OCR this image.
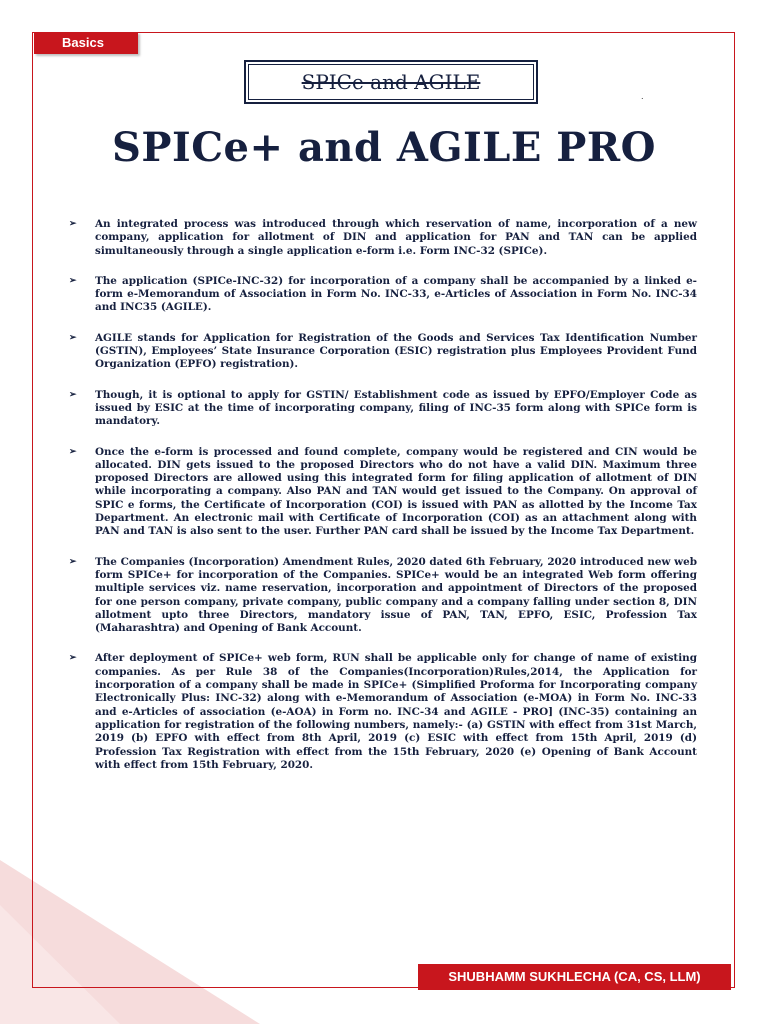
Basics
SPICe and AGILE
.
SPICe+ and AGILE PRO
➢ An integrated process was introduced through which reservation of name, incorporation of a new company, application for allotment of DIN and application for PAN and TAN can be applied simultaneously through a single application e-form i.e. Form INC-32 (SPICe).
➢ The application (SPICe-INC-32) for incorporation of a company shall be accompanied by a linked e-form e-Memorandum of Association in Form No. INC-33, e-Articles of Association in Form No. INC-34 and INC35 (AGILE).
➢ AGILE stands for Application for Registration of the Goods and Services Tax Identification Number (GSTIN), Employees’ State Insurance Corporation (ESIC) registration plus Employees Provident Fund Organization (EPFO) registration).
➢ Though, it is optional to apply for GSTIN/ Establishment code as issued by EPFO/Employer Code as issued by ESIC at the time of incorporating company, filing of INC-35 form along with SPICe form is mandatory.
➢ Once the e-form is processed and found complete, company would be registered and CIN would be allocated. DIN gets issued to the proposed Directors who do not have a valid DIN. Maximum three proposed Directors are allowed using this integrated form for filing application of allotment of DIN while incorporating a company. Also PAN and TAN would get issued to the Company. On approval of SPIC e forms, the Certificate of Incorporation (COI) is issued with PAN as allotted by the Income Tax Department. An electronic mail with Certificate of Incorporation (COI) as an attachment along with PAN and TAN is also sent to the user. Further PAN card shall be issued by the Income Tax Department.
➢ The Companies (Incorporation) Amendment Rules, 2020 dated 6th February, 2020 introduced new web form SPICe+ for incorporation of the Companies. SPICe+ would be an integrated Web form offering multiple services viz. name reservation, incorporation and appointment of Directors of the proposed for one person company, private company, public company and a company falling under section 8, DIN allotment upto three Directors, mandatory issue of PAN, TAN, EPFO, ESIC, Profession Tax (Maharashtra) and Opening of Bank Account.
➢ After deployment of SPICe+ web form, RUN shall be applicable only for change of name of existing companies. As per Rule 38 of the Companies(Incorporation)Rules,2014, the Application for incorporation of a company shall be made in SPICe+ (Simplified Proforma for Incorporating company Electronically Plus: INC-32) along with e-Memorandum of Association (e-MOA) in Form No. INC-33 and e-Articles of association (e-AOA) in Form no. INC-34 and AGILE - PRO] (INC-35) containing an application for registration of the following numbers, namely:- (a) GSTIN with effect from 31st March, 2019 (b) EPFO with effect from 8th April, 2019 (c) ESIC with effect from 15th April, 2019 (d) Profession Tax Registration with effect from the 15th February, 2020 (e) Opening of Bank Account with effect from 15th February, 2020.
SHUBHAMM SUKHLECHA (CA, CS, LLM)
